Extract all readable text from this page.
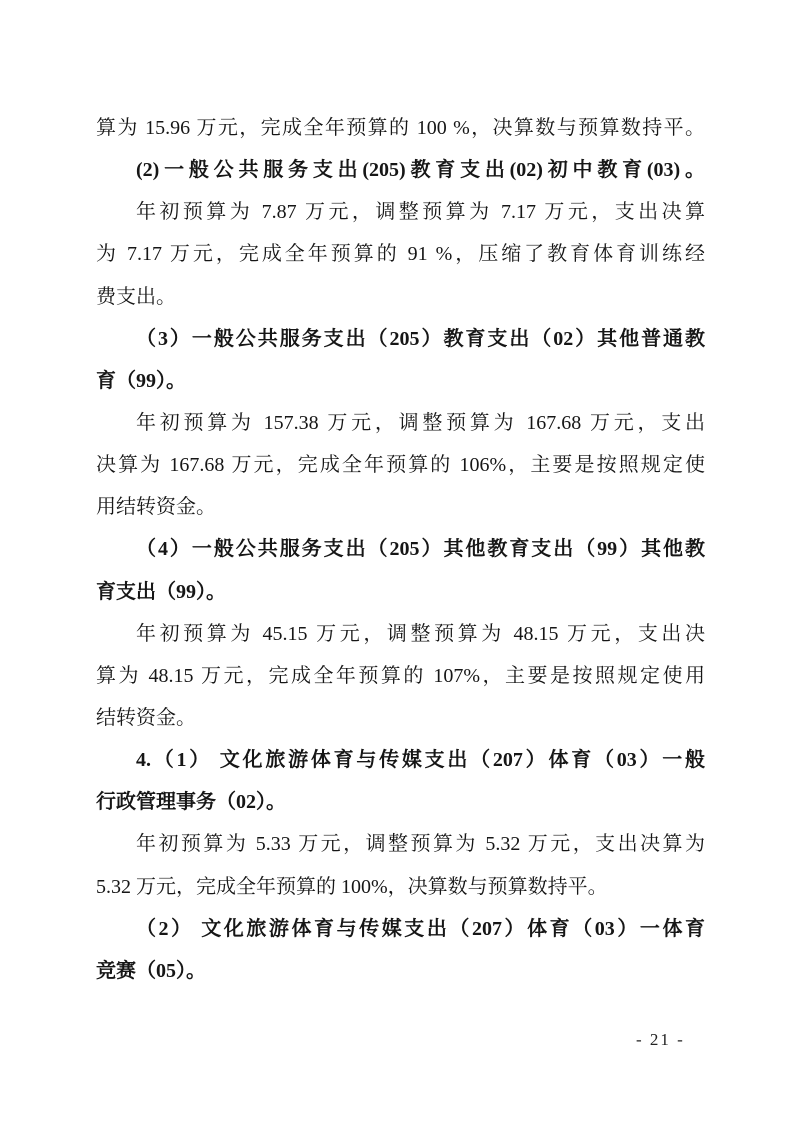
算为 15.96 万元，完成全年预算的 100 %，决算数与预算数持平。
(2)一般公共服务支出(205)教育支出(02)初中教育(03)。
年初预算为 7.87 万元，调整预算为 7.17 万元，支出决算
为 7.17 万元，完成全年预算的 91 %，压缩了教育体育训练经
费支出。
（3）一般公共服务支出（205）教育支出（02）其他普通教
育（99）。
年初预算为 157.38 万元，调整预算为 167.68 万元，支出
决算为 167.68 万元，完成全年预算的 106%，主要是按照规定使
用结转资金。
（4）一般公共服务支出（205）其他教育支出（99）其他教
育支出（99）。
年初预算为 45.15 万元，调整预算为 48.15 万元，支出决
算为 48.15 万元，完成全年预算的 107%，主要是按照规定使用
结转资金。
4.（1） 文化旅游体育与传媒支出（207）体育（03）一般
行政管理事务（02）。
年初预算为 5.33 万元，调整预算为 5.32 万元，支出决算为
5.32 万元，完成全年预算的 100%，决算数与预算数持平。
（2） 文化旅游体育与传媒支出（207）体育（03）一体育
竞赛（05）。
- 21 -
